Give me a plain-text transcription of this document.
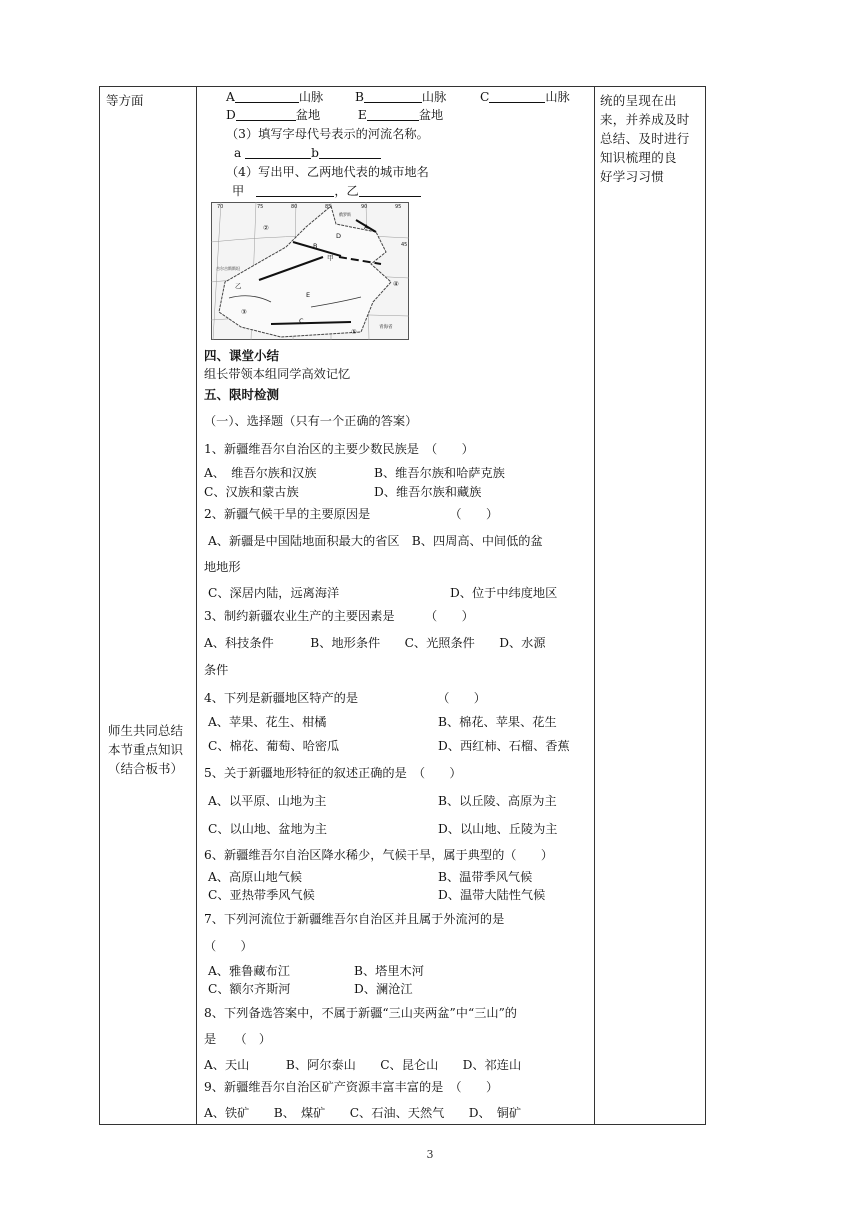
等方面
师生共同总结
本节重点知识
（结合板书）
统的呈现在出
来，并养成及时
总结、及时进行
知识梳理的良
好学习习惯
A	山脉	B	山脉	C	山脉
D	盆地	E	盆地
（3）填写字母代号表示的河流名称。
a	b
（4）写出甲、乙两地代表的城市地名
甲　	，乙
70	75	80	85	90	95
45
俄罗斯
吉尔吉斯斯坦
青海省
A
B
D
E
C
甲
乙
②
③
④
⑤
四、课堂小结
组长带领本组同学高效记忆
五、限时检测
（一）、选择题（只有一个正确的答案）
1、新疆维吾尔自治区的主要少数民族是　（　　）
A、　维吾尔族和汉族	B、维吾尔族和哈萨克族
C、汉族和蒙古族	D、维吾尔族和藏族
2、新疆气候干旱的主要原因是　　　　　　　（　　）
A、新疆是中国陆地面积最大的省区　B、四周高、中间低的盆
地地形
C、深居内陆，远离海洋	D、位于中纬度地区
3、制约新疆农业生产的主要因素是　　　（　　）
A、科技条件　　　B、地形条件　　C、光照条件　　D、水源
条件
4、下列是新疆地区特产的是　　　　　　　（　　）
A、苹果、花生、柑橘	B、棉花、苹果、花生
C、棉花、葡萄、哈密瓜	D、西红柿、石榴、香蕉
5、关于新疆地形特征的叙述正确的是　（　　）
A、以平原、山地为主	B、以丘陵、高原为主
C、以山地、盆地为主	D、以山地、丘陵为主
6、新疆维吾尔自治区降水稀少，气候干旱，属于典型的（　　）
A、高原山地气候	B、温带季风气候
C、亚热带季风气候	D、温带大陆性气候
7、下列河流位于新疆维吾尔自治区并且属于外流河的是
（　　）
A、雅鲁藏布江	B、塔里木河
C、额尔齐斯河	D、澜沧江
8、下列备选答案中，不属于新疆“三山夹两盆”中“三山”的
是　　（　）
A、天山　　　B、阿尔泰山　　C、昆仑山　　D、祁连山
9、新疆维吾尔自治区矿产资源丰富丰富的是　（　　）
A、铁矿　　B、　煤矿　　C、石油、天然气　　D、　铜矿
3
